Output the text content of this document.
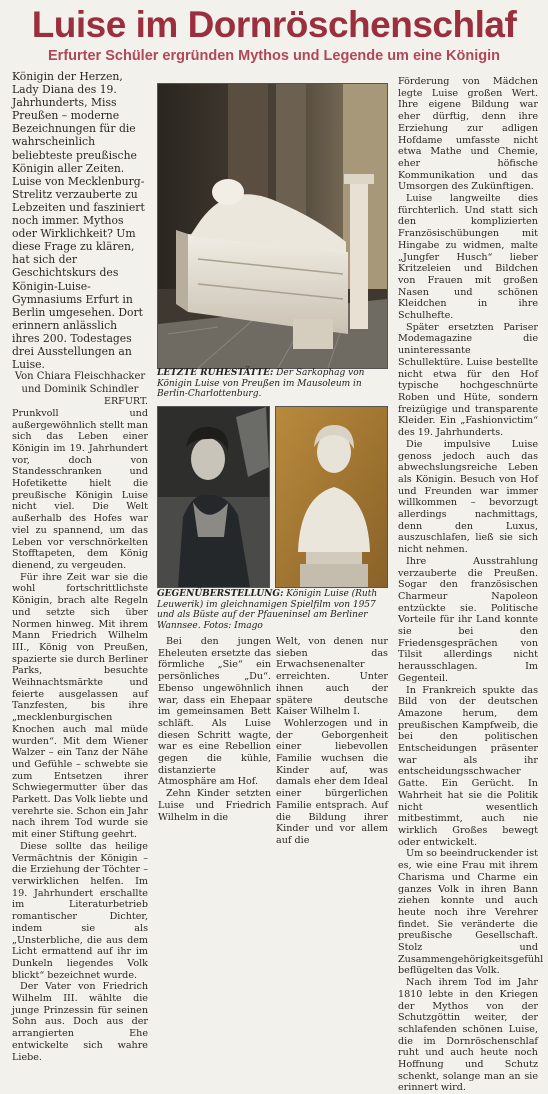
Luise im Dornröschenschlaf
Erfurter Schüler ergründen Mythos und Legende um eine Königin

Königin der Herzen, Lady Diana des 19. Jahrhunderts, Miss Preußen – moderne Bezeichnungen für die wahrscheinlich beliebteste preußische Königin aller Zeiten. Luise von Mecklenburg-Strelitz verzauberte zu Lebzeiten und fasziniert noch immer. Mythos oder Wirklichkeit? Um diese Frage zu klären, hat sich der Geschichtskurs des Königin-Luise-Gymnasiums Erfurt in Berlin umgesehen. Dort erinnern anlässlich ihres 200. Todestages drei Ausstellungen an Luise.

Von Chiara Fleischhacker und Dominik Schindler

ERFURT.

Prunkvoll und außergewöhnlich stellt man sich das Leben einer Königin im 19. Jahrhundert vor, doch von Standesschranken und Hofetikette hielt die preußische Königin Luise nicht viel. Die Welt außerhalb des Hofes war viel zu spannend, um das Leben vor verschnörkelten Stofftapeten, dem König dienend, zu vergeuden.

Für ihre Zeit war sie die wohl fortschrittlichste Königin, brach alte Regeln und setzte sich über Normen hinweg. Mit ihrem Mann Friedrich Wilhelm III., König von Preußen, spazierte sie durch Berliner Parks, besuchte Weihnachtsmärkte und feierte ausgelassen auf Tanzfesten, bis ihre „mecklenburgischen Knochen auch mal müde wurden“. Mit dem Wiener Walzer – ein Tanz der Nähe und Gefühle – schwebte sie zum Entsetzen ihrer Schwiegermutter über das Parkett. Das Volk liebte und verehrte sie. Schon ein Jahr nach ihrem Tod wurde sie mit einer Stiftung geehrt.

Diese sollte das heilige Vermächtnis der Königin – die Erziehung der Töchter – verwirklichen helfen. Im 19. Jahrhundert erschallte im Literaturbetrieb romantischer Dichter, indem sie als „Unsterbliche, die aus dem Licht ermattend auf ihr im Dunkeln liegendes Volk blickt“ bezeichnet wurde.

Der Vater von Friedrich Wilhelm III. wählte die junge Prinzessin für seinen Sohn aus. Doch aus der arrangierten Ehe entwickelte sich wahre Liebe.

LETZTE RUHESTÄTTE: Der Sarkophag von Königin Luise von Preußen im Mausoleum in Berlin-Charlottenburg.
GEGENÜBERSTELLUNG: Königin Luise (Ruth Leuwerik) im gleichnamigen Spielfilm von 1957 und als Büste auf der Pfaueninsel am Berliner Wannsee. Fotos: Imago

Bei den jungen Eheleuten ersetzte das förmliche „Sie“ ein persönliches „Du“. Ebenso ungewöhnlich war, dass ein Ehepaar im gemeinsamen Bett schläft. Als Luise diesen Schritt wagte, war es eine Rebellion gegen die kühle, distanzierte Atmosphäre am Hof.

Zehn Kinder setzten Luise und Friedrich Wilhelm in die

Welt, von denen nur sieben das Erwachsenenalter erreichten. Unter ihnen auch der spätere deutsche Kaiser Wilhelm I.

Wohlerzogen und in der Geborgenheit einer liebevollen Familie wuchsen die Kinder auf, was damals eher dem Ideal einer bürgerlichen Familie entsprach. Auf die Bildung ihrer Kinder und vor allem auf die

Förderung von Mädchen legte Luise großen Wert. Ihre eigene Bildung war eher dürftig, denn ihre Erziehung zur adligen Hofdame umfasste nicht etwa Mathe und Chemie, eher höfische Kommunikation und das Umsorgen des Zukünftigen.

Luise langweilte dies fürchterlich. Und statt sich den komplizierten Französischübungen mit Hingabe zu widmen, malte „Jungfer Husch“ lieber Kritzeleien und Bildchen von Frauen mit großen Nasen und schönen Kleidchen in ihre Schulhefte.

Später ersetzten Pariser Modemagazine die uninteressante Schullektüre. Luise bestellte nicht etwa für den Hof typische hochgeschnürte Roben und Hüte, sondern freizügige und transparente Kleider. Ein „Fashionvictim“ des 19. Jahrhunderts.

Die impulsive Luise genoss jedoch auch das abwechslungsreiche Leben als Königin. Besuch von Hof und Freunden war immer willkommen – bevorzugt allerdings nachmittags, denn den Luxus, auszuschlafen, ließ sie sich nicht nehmen.

Ihre Ausstrahlung verzauberte die Preußen. Sogar den französischen Charmeur Napoleon entzückte sie. Politische Vorteile für ihr Land konnte sie bei den Friedensgesprächen von Tilsit allerdings nicht herausschlagen. Im Gegenteil.

In Frankreich spukte das Bild von der deutschen Amazone herum, dem preußischen Kampfweib, die bei den politischen Entscheidungen präsenter war als ihr entscheidungsschwacher Gatte. Ein Gerücht. In Wahrheit hat sie die Politik nicht wesentlich mitbestimmt, auch nie wirklich Großes bewegt oder entwickelt.

Um so beeindruckender ist es, wie eine Frau mit ihrem Charisma und Charme ein ganzes Volk in ihren Bann ziehen konnte und auch heute noch ihre Verehrer findet. Sie veränderte die preußische Gesellschaft. Stolz und Zusammengehörigkeitsgefühl beflügelten das Volk.

Nach ihrem Tod im Jahr 1810 lebte in den Kriegen der Mythos von der Schutzgöttin weiter, der schlafenden schönen Luise, die im Dornröschenschlaf ruht und auch heute noch Hoffnung und Schutz schenkt, solange man an sie erinnert wird.
